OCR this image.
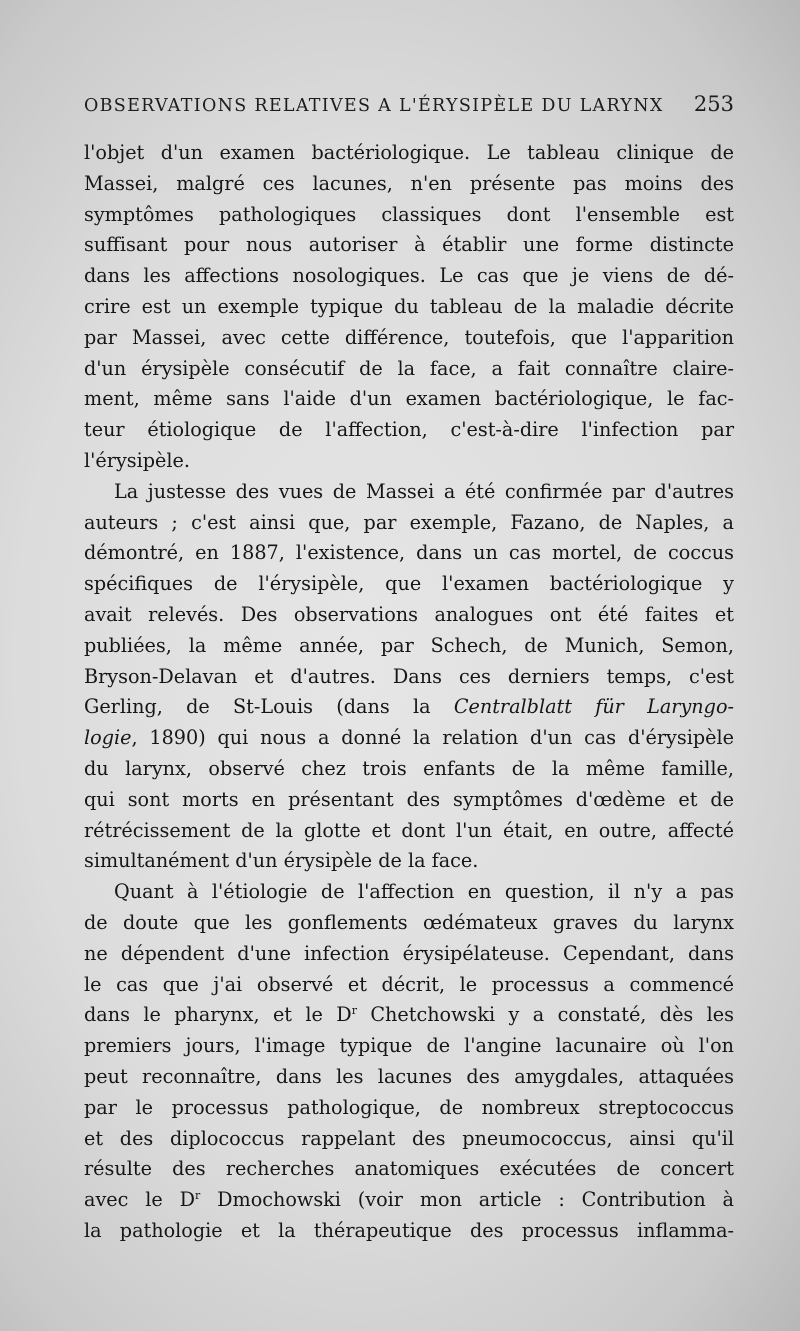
OBSERVATIONS RELATIVES A L'ÉRYSIPÈLE DU LARYNX 253
l'objet d'un examen bactériologique. Le tableau clinique de
Massei, malgré ces lacunes, n'en présente pas moins des
symptômes pathologiques classiques dont l'ensemble est
suffisant pour nous autoriser à établir une forme distincte
dans les affections nosologiques. Le cas que je viens de dé-
crire est un exemple typique du tableau de la maladie décrite
par Massei, avec cette différence, toutefois, que l'apparition
d'un érysipèle consécutif de la face, a fait connaître claire-
ment, même sans l'aide d'un examen bactériologique, le fac-
teur étiologique de l'affection, c'est-à-dire l'infection par
l'érysipèle.
La justesse des vues de Massei a été confirmée par d'autres
auteurs ; c'est ainsi que, par exemple, Fazano, de Naples, a
démontré, en 1887, l'existence, dans un cas mortel, de coccus
spécifiques de l'érysipèle, que l'examen bactériologique y
avait relevés. Des observations analogues ont été faites et
publiées, la même année, par Schech, de Munich, Semon,
Bryson-Delavan et d'autres. Dans ces derniers temps, c'est
Gerling, de St-Louis (dans la Centralblatt für Laryngo-
logie, 1890) qui nous a donné la relation d'un cas d'érysipèle
du larynx, observé chez trois enfants de la même famille,
qui sont morts en présentant des symptômes d'œdème et de
rétrécissement de la glotte et dont l'un était, en outre, affecté
simultanément d'un érysipèle de la face.
Quant à l'étiologie de l'affection en question, il n'y a pas
de doute que les gonflements œdémateux graves du larynx
ne dépendent d'une infection érysipélateuse. Cependant, dans
le cas que j'ai observé et décrit, le processus a commencé
dans le pharynx, et le $D^r$ Chetchowski y a constaté, dès les
premiers jours, l'image typique de l'angine lacunaire où l'on
peut reconnaître, dans les lacunes des amygdales, attaquées
par le processus pathologique, de nombreux streptococcus
et des diplococcus rappelant des pneumococcus, ainsi qu'il
résulte des recherches anatomiques exécutées de concert
avec le $D^r$ Dmochowski (voir mon article : Contribution à
la pathologie et la thérapeutique des processus inflamma-
